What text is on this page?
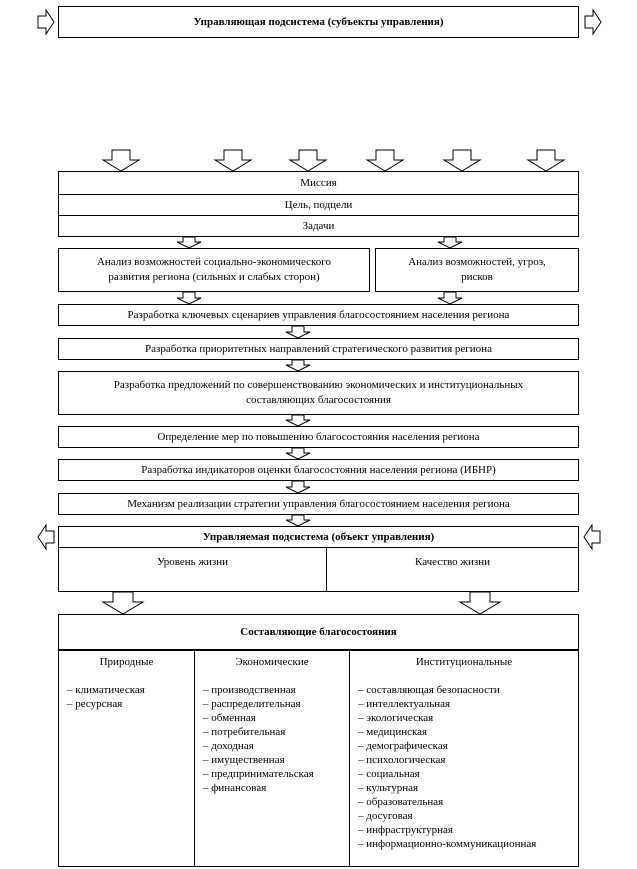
Управляющая подсистема (субъекты управления)
Миссия
Цель, подцели
Задачи
Анализ возможностей социально-экономического развития региона (сильных и слабых сторон)
Анализ возможностей, угроз, рисков
Разработка ключевых сценариев управления благосостоянием населения региона
Разработка приоритетных направлений стратегического развития региона
Разработка предложений по совершенствованию экономических и институциональных составляющих благосостояния
Определение мер по повышению благосостояния населения региона
Разработка индикаторов оценки благосостояния населения региона (ИБНР)
Механизм реализации стратегии управления благосостоянием населения региона
Управляемая подсистема (объект управления)
Уровень жизни	Качество жизни
Составляющие благосостояния
Природные
– климатическая
– ресурсная
Экономические
– производственная
– распределительная
– обменная
– потребительная
– доходная
– имущественная
– предпринимательская
– финансовая
Институциональные
– составляющая безопасности
– интеллектуальная
– экологическая
– медицинская
– демографическая
– психологическая
– социальная
– культурная
– образовательная
– досуговая
– инфраструктурная
– информационно-коммуникационная
